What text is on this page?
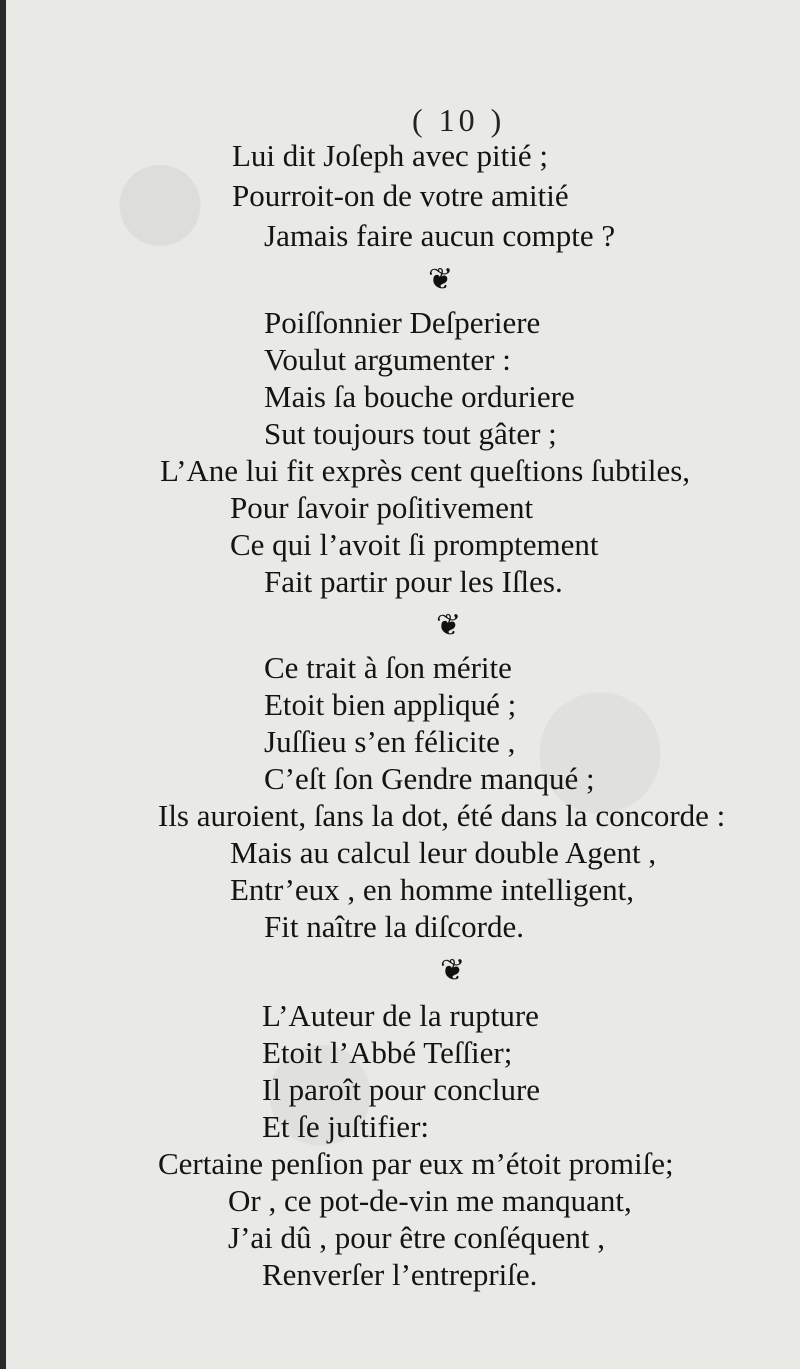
( 10 )
Lui dit Joſeph avec pitié ;
Pourroit-on de votre amitié
Jamais faire aucun compte ?
❦
Poiſſonnier Deſperiere
Voulut argumenter :
Mais ſa bouche orduriere
Sut toujours tout gâter ;
L’Ane lui fit exprès cent queſtions ſubtiles,
Pour ſavoir poſitivement
Ce qui l’avoit ſi promptement
Fait partir pour les Iſles.
❦
Ce trait à ſon mérite
Etoit bien appliqué ;
Juſſieu s’en félicite ,
C’eſt ſon Gendre manqué ;
Ils auroient, ſans la dot, été dans la concorde :
Mais au calcul leur double Agent ,
Entr’eux , en homme intelligent,
Fit naître la diſcorde.
❦
L’Auteur de la rupture
Etoit l’Abbé Teſſier;
Il paroît pour conclure
Et ſe juſtifier:
Certaine penſion par eux m’étoit promiſe;
Or , ce pot-de-vin me manquant,
J’ai dû , pour être conſéquent ,
Renverſer l’entrepriſe.
